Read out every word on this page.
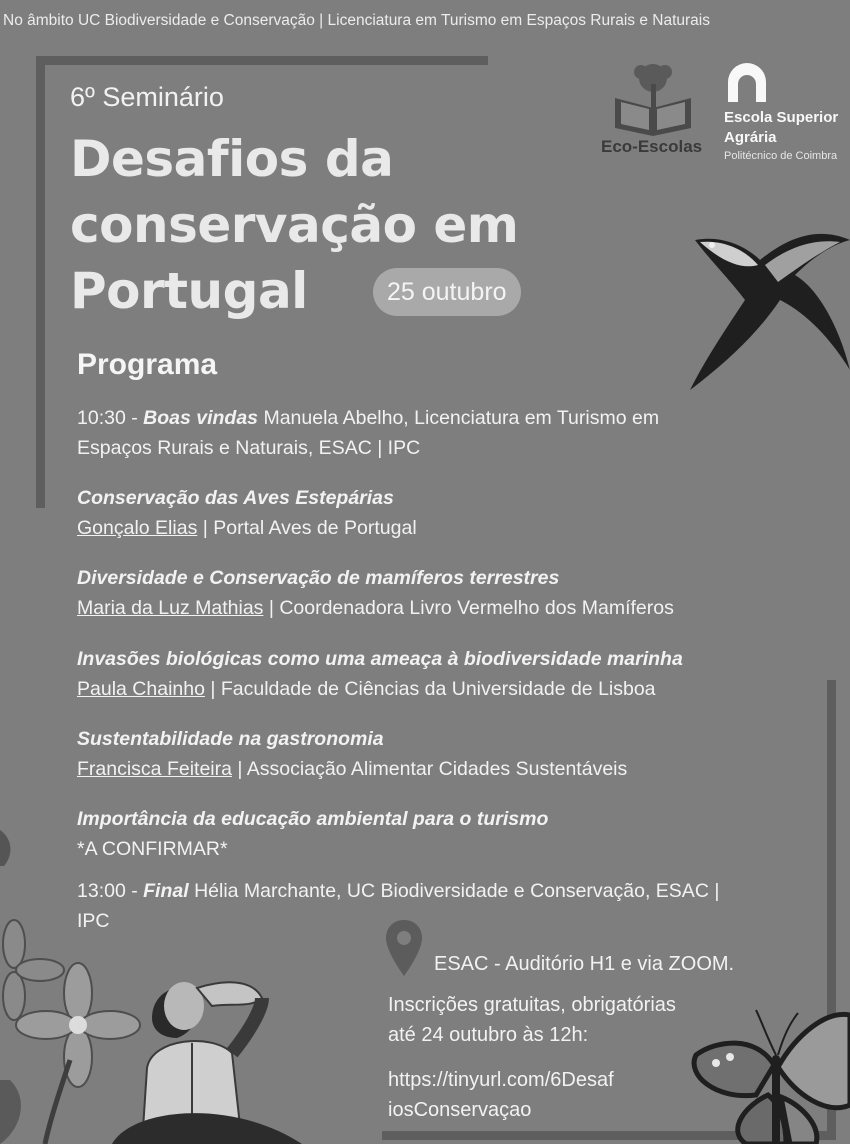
No âmbito UC Biodiversidade e Conservação | Licenciatura em Turismo em Espaços Rurais e Naturais
Eco-Escolas
Escola Superior
Agrária
Politécnico de Coimbra
6º Seminário
Desafios da
conservação em
Portugal	25 outubro
Programa
10:30 - Boas vindas Manuela Abelho, Licenciatura em Turismo em
Espaços Rurais e Naturais, ESAC | IPC
Conservação das Aves Estepárias
Gonçalo Elias | Portal Aves de Portugal
Diversidade e Conservação de mamíferos terrestres
Maria da Luz Mathias | Coordenadora Livro Vermelho dos Mamíferos
Invasões biológicas como uma ameaça à biodiversidade marinha
Paula Chainho | Faculdade de Ciências da Universidade de Lisboa
Sustentabilidade na gastronomia
Francisca Feiteira | Associação Alimentar Cidades Sustentáveis
Importância da educação ambiental para o turismo
*A CONFIRMAR*
13:00 - Final Hélia Marchante, UC Biodiversidade e Conservação, ESAC |
IPC
ESAC - Auditório H1 e via ZOOM.
Inscrições gratuitas, obrigatórias
até 24 outubro às 12h:
https://tinyurl.com/6Desaf
iosConservaçao
